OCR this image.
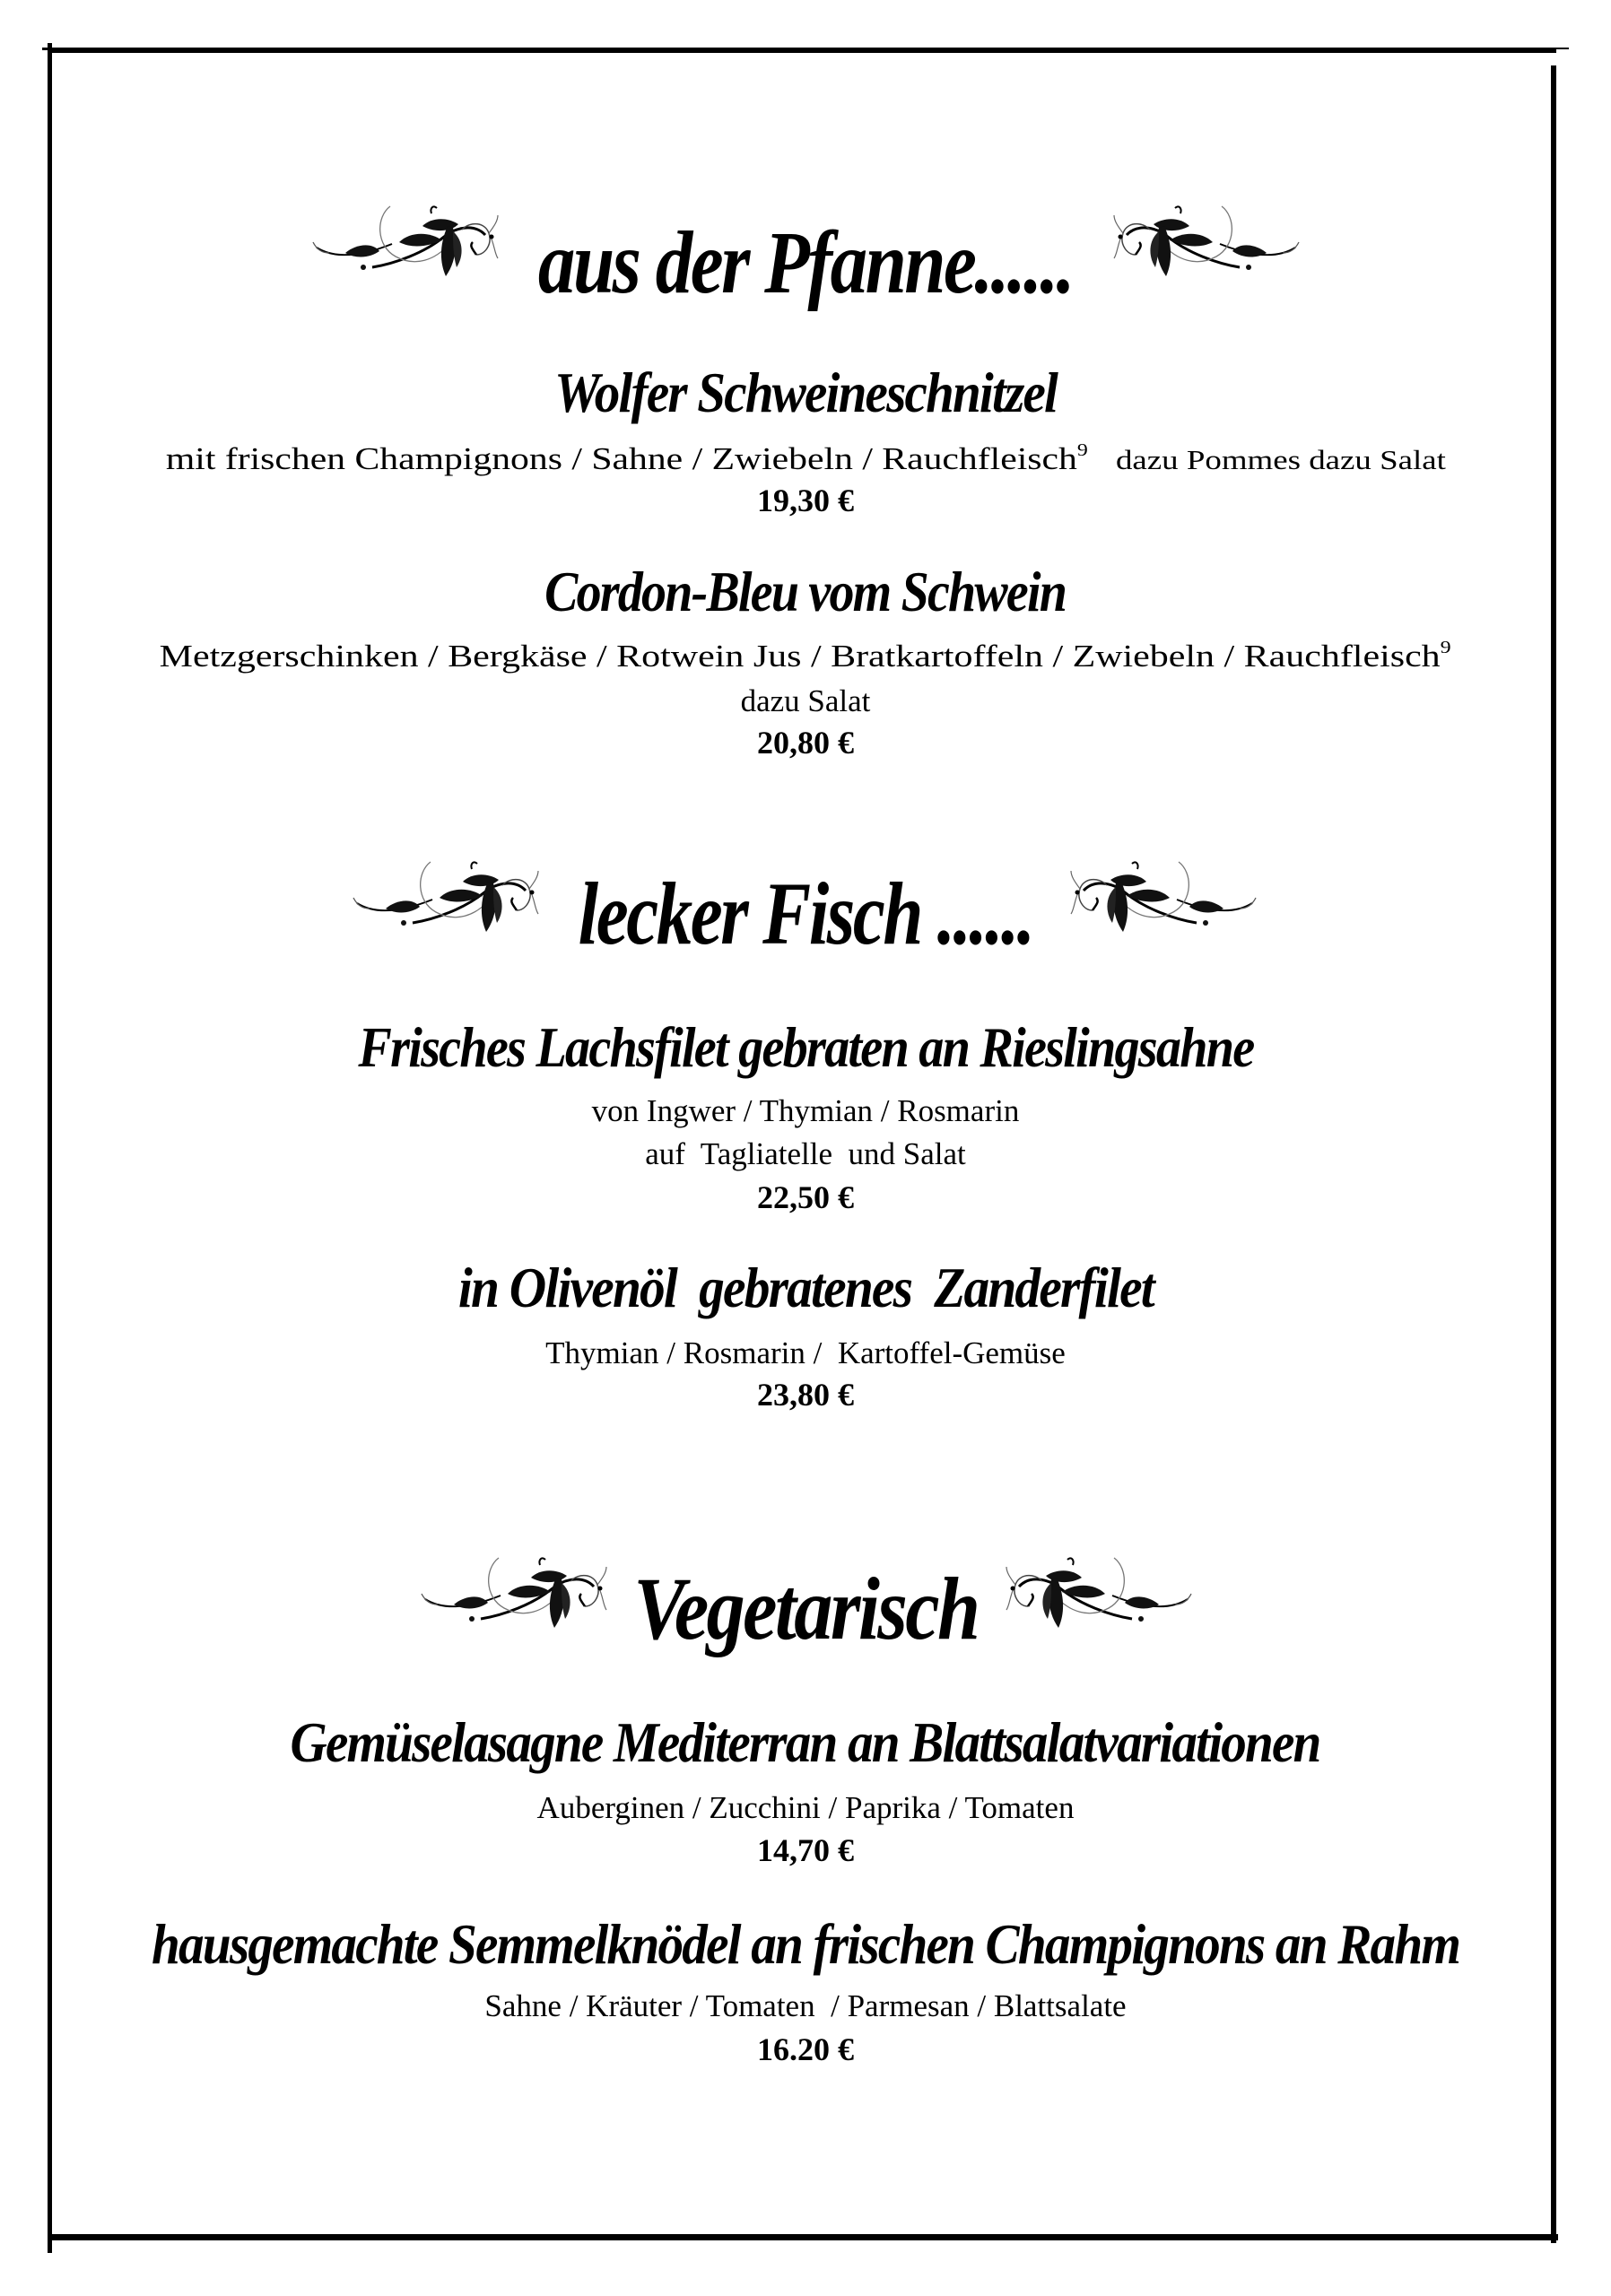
aus der Pfanne......
Wolfer Schweineschnitzel
mit frischen Champignons / Sahne / Zwiebeln / Rauchfleisch$^9$ dazu Pommes dazu Salat
19,30 €
Cordon-Bleu vom Schwein
Metzgerschinken / Bergkäse / Rotwein Jus / Bratkartoffeln / Zwiebeln / Rauchfleisch$^9$
dazu Salat
20,80 €
lecker Fisch ......
Frisches Lachsfilet gebraten an Rieslingsahne
von Ingwer / Thymian / Rosmarin
auf  Tagliatelle  und Salat
22,50 €
in Olivenöl  gebratenes  Zanderfilet
Thymian / Rosmarin /  Kartoffel-Gemüse
23,80 €
Vegetarisch
Gemüselasagne Mediterran an Blattsalatvariationen
Auberginen / Zucchini / Paprika / Tomaten
14,70 €
hausgemachte Semmelknödel an frischen Champignons an Rahm
Sahne / Kräuter / Tomaten  / Parmesan / Blattsalate
16.20 €
